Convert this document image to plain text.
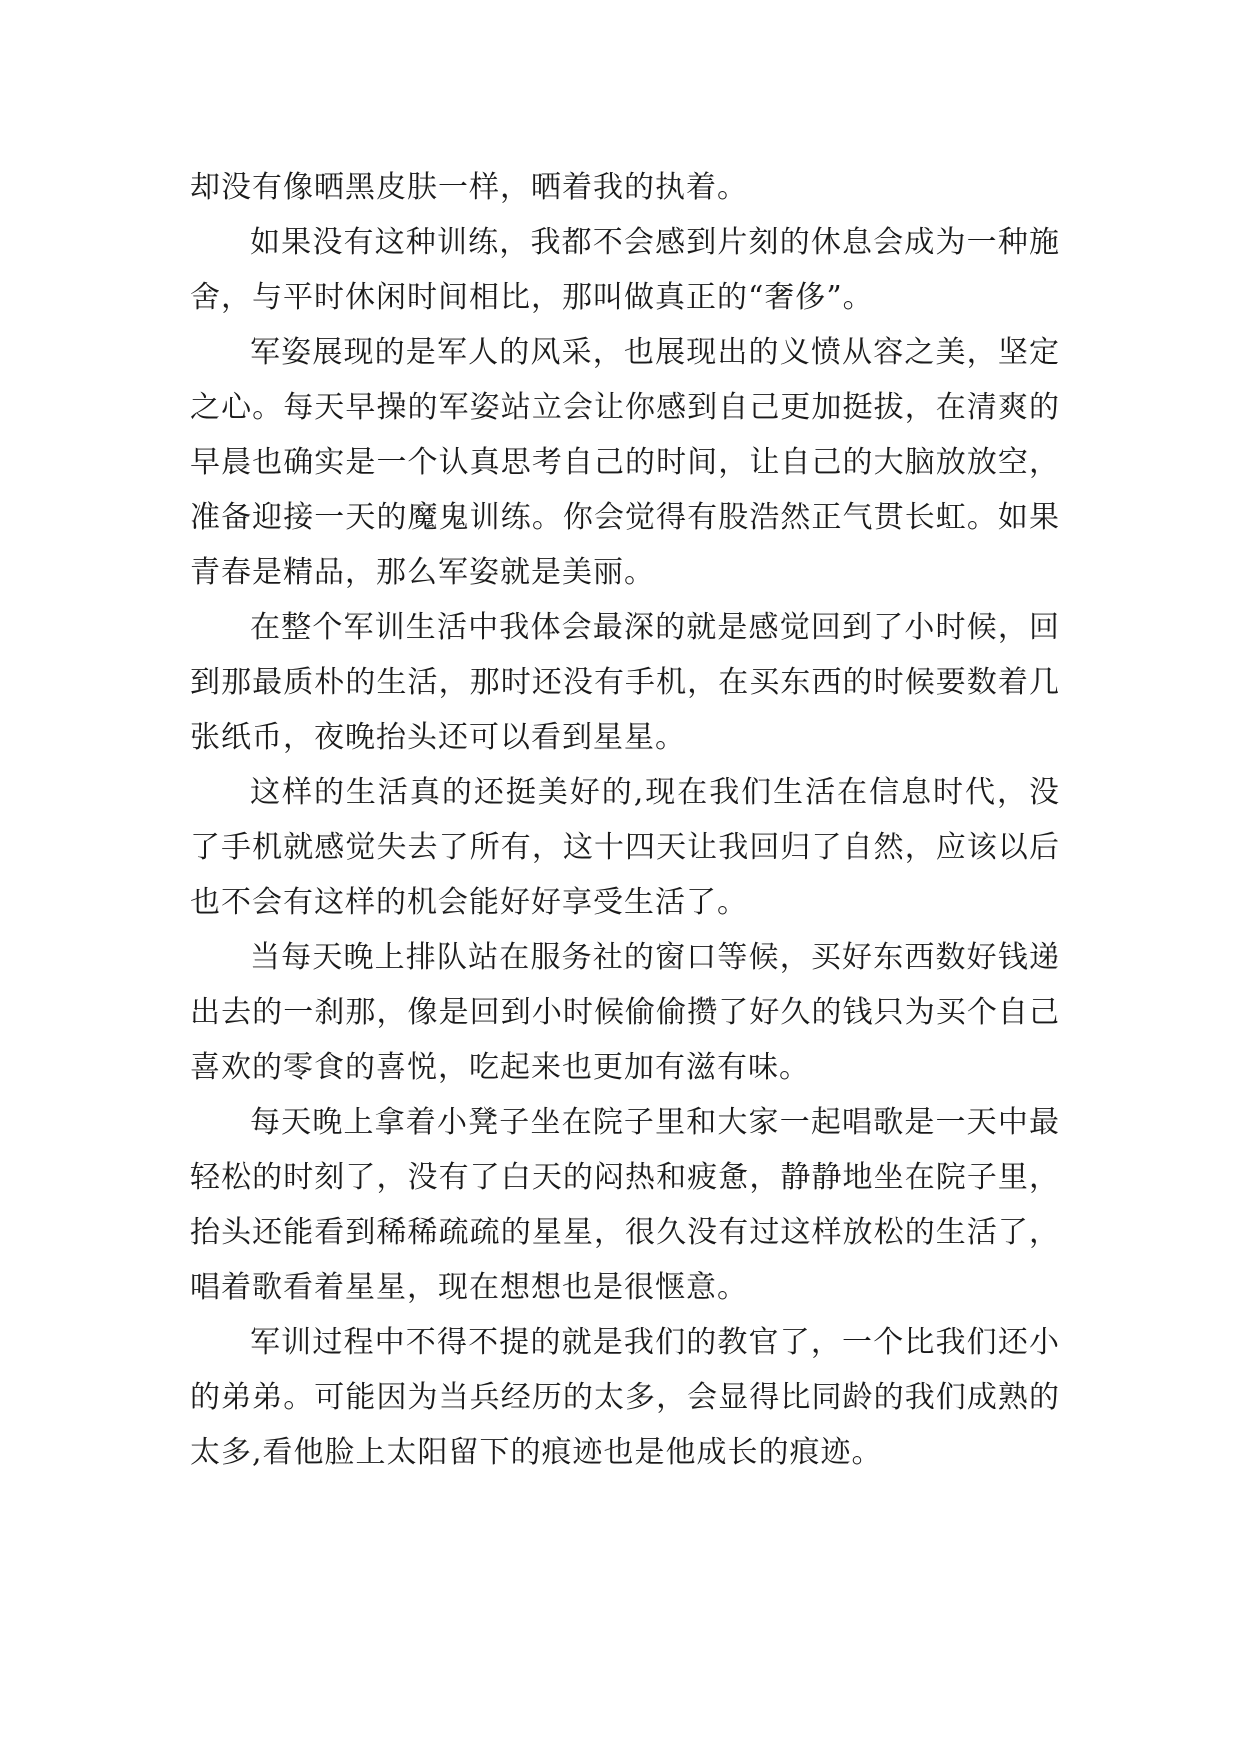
却没有像晒黑皮肤一样，晒着我的执着。

如果没有这种训练，我都不会感到片刻的休息会成为一种施舍，与平时休闲时间相比，那叫做真正的“奢侈”。

军姿展现的是军人的风采，也展现出的义愤从容之美，坚定之心。每天早操的军姿站立会让你感到自己更加挺拔，在清爽的早晨也确实是一个认真思考自己的时间，让自己的大脑放放空，准备迎接一天的魔鬼训练。你会觉得有股浩然正气贯长虹。如果青春是精品，那么军姿就是美丽。

在整个军训生活中我体会最深的就是感觉回到了小时候，回到那最质朴的生活，那时还没有手机，在买东西的时候要数着几张纸币，夜晚抬头还可以看到星星。

这样的生活真的还挺美好的,现在我们生活在信息时代，没了手机就感觉失去了所有，这十四天让我回归了自然，应该以后也不会有这样的机会能好好享受生活了。

当每天晚上排队站在服务社的窗口等候，买好东西数好钱递出去的一刹那，像是回到小时候偷偷攒了好久的钱只为买个自己喜欢的零食的喜悦，吃起来也更加有滋有味。

每天晚上拿着小凳子坐在院子里和大家一起唱歌是一天中最轻松的时刻了，没有了白天的闷热和疲惫，静静地坐在院子里，抬头还能看到稀稀疏疏的星星，很久没有过这样放松的生活了，唱着歌看着星星，现在想想也是很惬意。

军训过程中不得不提的就是我们的教官了，一个比我们还小的弟弟。可能因为当兵经历的太多，会显得比同龄的我们成熟的太多,看他脸上太阳留下的痕迹也是他成长的痕迹。
